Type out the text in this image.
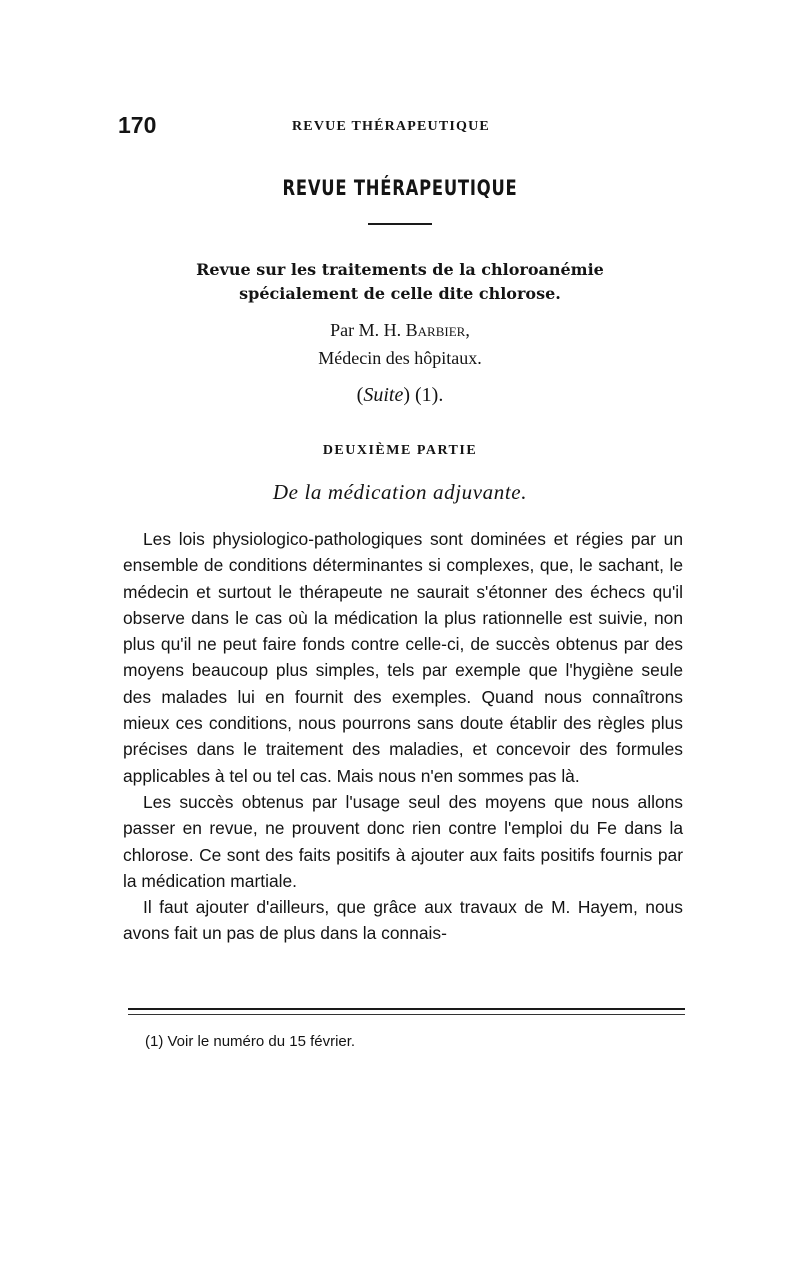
170	REVUE THÉRAPEUTIQUE
REVUE THÉRAPEUTIQUE
Revue sur les traitements de la chloroanémie
spécialement de celle dite chlorose.
Par M. H. Barbier,
Médecin des hôpitaux.
(Suite) (1).
DEUXIÈME PARTIE
De la médication adjuvante.

Les lois physiologico-pathologiques sont dominées et régies par un ensemble de conditions déterminantes si complexes, que, le sachant, le médecin et surtout le thérapeute ne saurait s'étonner des échecs qu'il observe dans le cas où la médication la plus rationnelle est suivie, non plus qu'il ne peut faire fonds contre celle-ci, de succès obtenus par des moyens beaucoup plus simples, tels par exemple que l'hygiène seule des malades lui en fournit des exemples. Quand nous connaîtrons mieux ces conditions, nous pourrons sans doute établir des règles plus précises dans le traitement des maladies, et concevoir des formules applicables à tel ou tel cas. Mais nous n'en sommes pas là.

Les succès obtenus par l'usage seul des moyens que nous allons passer en revue, ne prouvent donc rien contre l'emploi du Fe dans la chlorose. Ce sont des faits positifs à ajouter aux faits positifs fournis par la médication martiale.

Il faut ajouter d'ailleurs, que grâce aux travaux de M. Hayem, nous avons fait un pas de plus dans la connais-

(1) Voir le numéro du 15 février.
